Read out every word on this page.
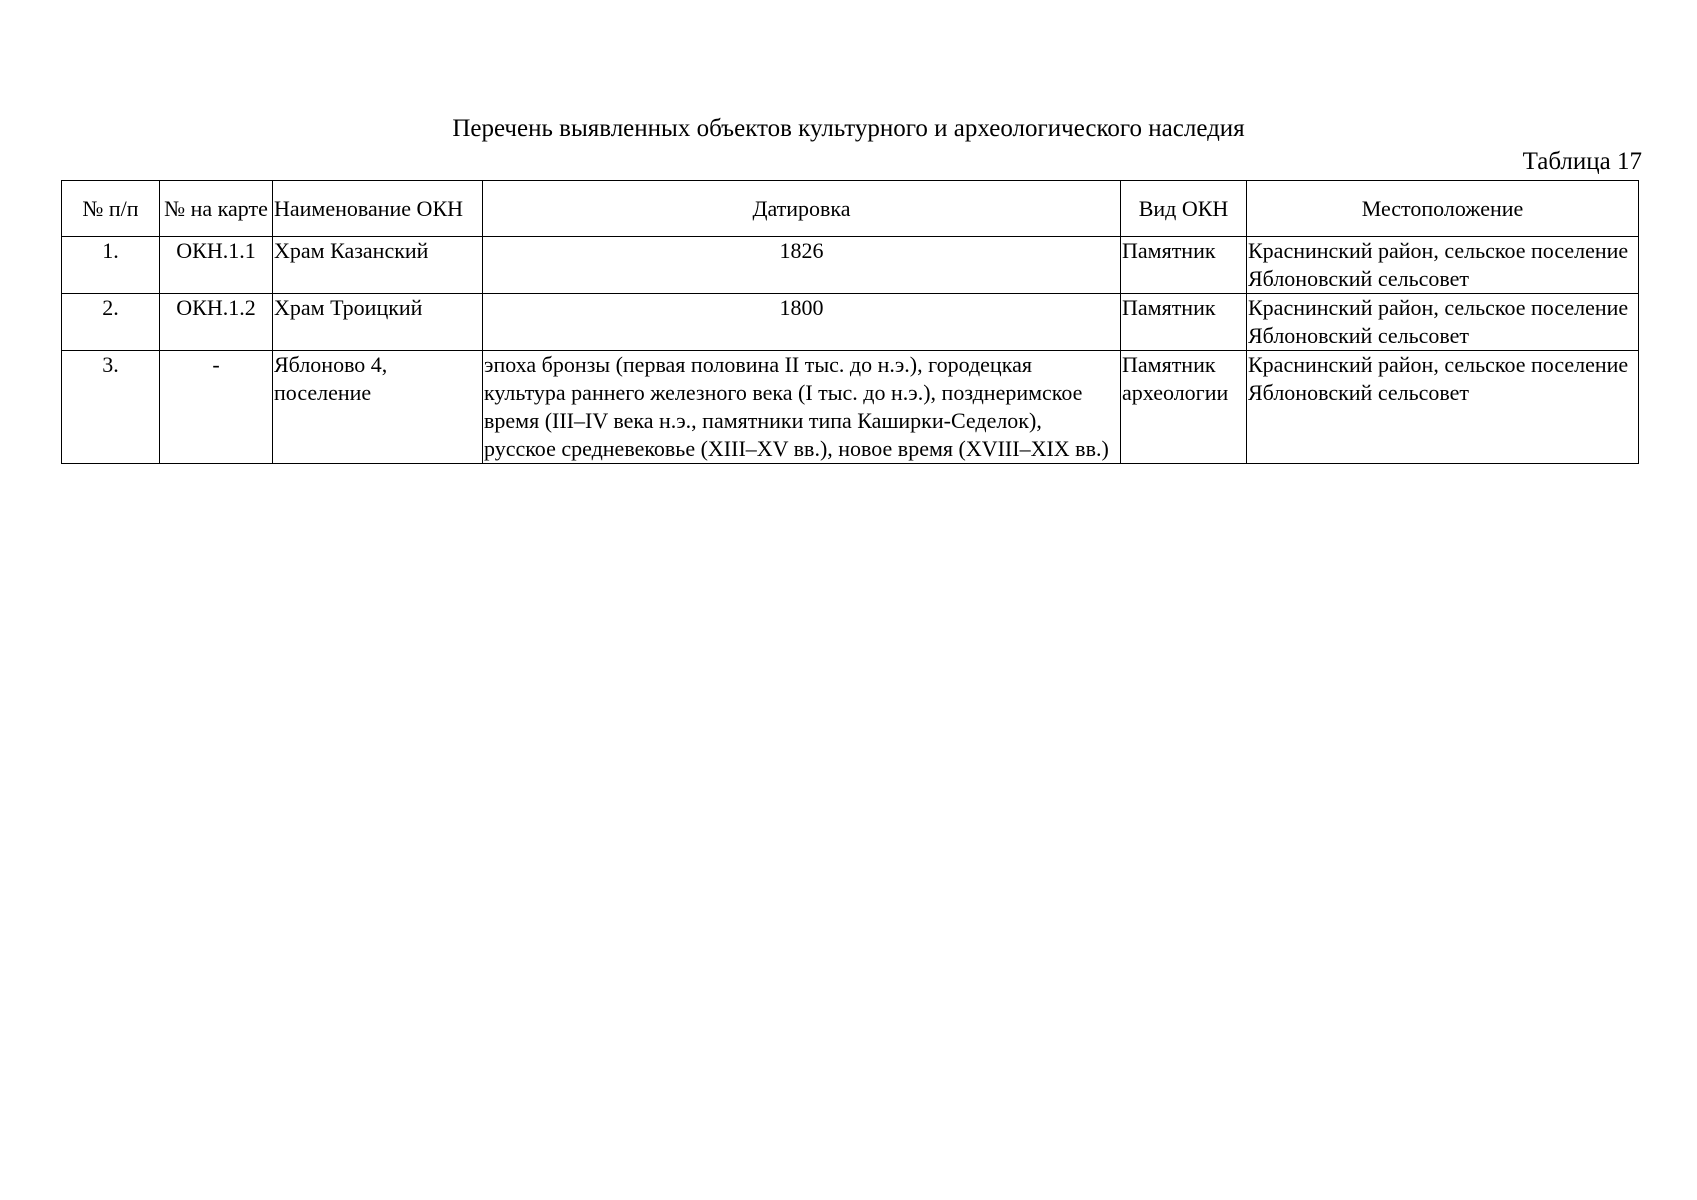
Перечень выявленных объектов культурного и археологического наследия
Таблица 17
№ п/п	№ на карте	Наименование ОКН	Датировка	Вид ОКН	Местоположение
1.	ОКН.1.1	Храм Казанский	1826	Памятник	Краснинский район, сельское поселение Яблоновский сельсовет
2.	ОКН.1.2	Храм Троицкий	1800	Памятник	Краснинский район, сельское поселение Яблоновский сельсовет
3.	-	Яблоново 4, поселение	эпоха бронзы (первая половина II тыс. до н.э.), городецкая культура раннего железного века (I тыс. до н.э.), позднеримское время (III–IV века н.э., памятники типа Каширки-Седелок), русское средневековье (XIII–XV вв.), новое время (XVIII–XIX вв.)	Памятник археологии	Краснинский район, сельское поселение Яблоновский сельсовет
